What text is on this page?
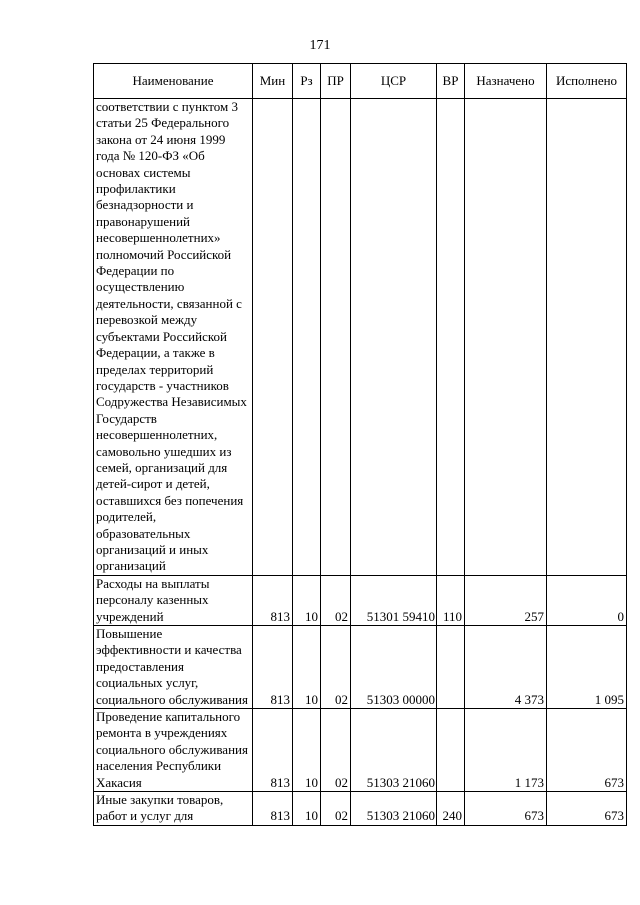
171
Наименование	Мин	Рз	ПР	ЦСР	ВР	Назначено	Исполнено
соответствии с пунктом 3 статьи 25 Федерального закона от 24 июня 1999 года № 120-ФЗ «Об основах системы профилактики безнадзорности и правонарушений несовершеннолетних» полномочий Российской Федерации по осуществлению деятельности, связанной с перевозкой между субъектами Российской Федерации, а также в пределах территорий государств - участников Содружества Независимых Государств несовершеннолетних, самовольно ушедших из семей, организаций для детей-сирот и детей, оставшихся без попечения родителей, образовательных организаций и иных организаций							
Расходы на выплаты персоналу казенных учреждений	813	10	02	51301 59410	110	257	0
Повышение эффективности и качества предоставления социальных услуг, социального обслуживания	813	10	02	51303 00000		4 373	1 095
Проведение капитального ремонта в учреждениях социального обслуживания населения Республики Хакасия	813	10	02	51303 21060		1 173	673
Иные закупки товаров, работ и услуг для	813	10	02	51303 21060	240	673	673
